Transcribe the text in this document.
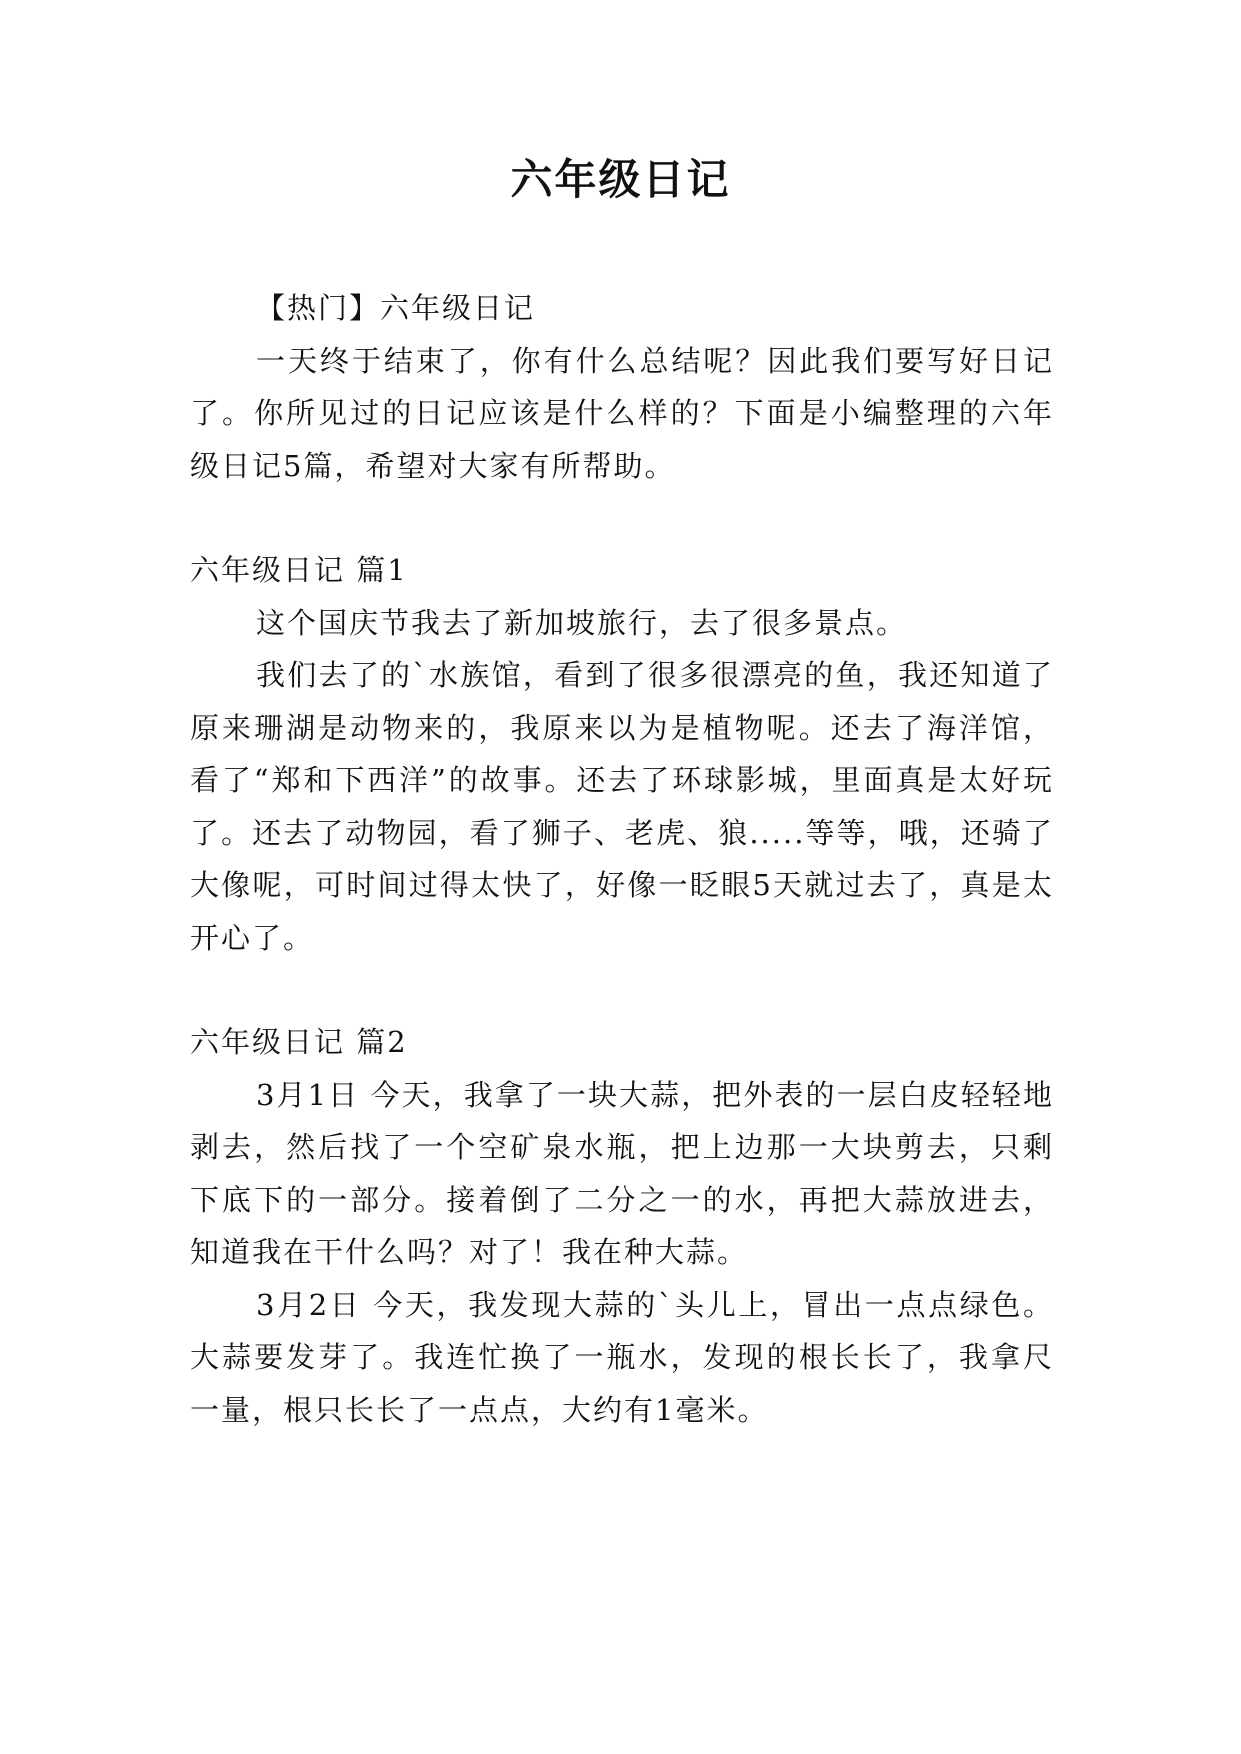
六年级日记

【热门】六年级日记

一天终于结束了，你有什么总结呢？因此我们要写好日记了。你所见过的日记应该是什么样的？下面是小编整理的六年级日记5篇，希望对大家有所帮助。

六年级日记 篇1

这个国庆节我去了新加坡旅行，去了很多景点。

我们去了的`水族馆，看到了很多很漂亮的鱼，我还知道了原来珊湖是动物来的，我原来以为是植物呢。还去了海洋馆，看了“郑和下西洋”的故事。还去了环球影城，里面真是太好玩了。还去了动物园，看了狮子、老虎、狼.....等等，哦，还骑了大像呢，可时间过得太快了，好像一眨眼5天就过去了，真是太开心了。

六年级日记 篇2

3月1日 今天，我拿了一块大蒜，把外表的一层白皮轻轻地剥去，然后找了一个空矿泉水瓶，把上边那一大块剪去，只剩下底下的一部分。接着倒了二分之一的水，再把大蒜放进去，知道我在干什么吗？对了！我在种大蒜。

3月2日 今天，我发现大蒜的`头儿上，冒出一点点绿色。大蒜要发芽了。我连忙换了一瓶水，发现的根长长了，我拿尺一量，根只长长了一点点，大约有1毫米。
